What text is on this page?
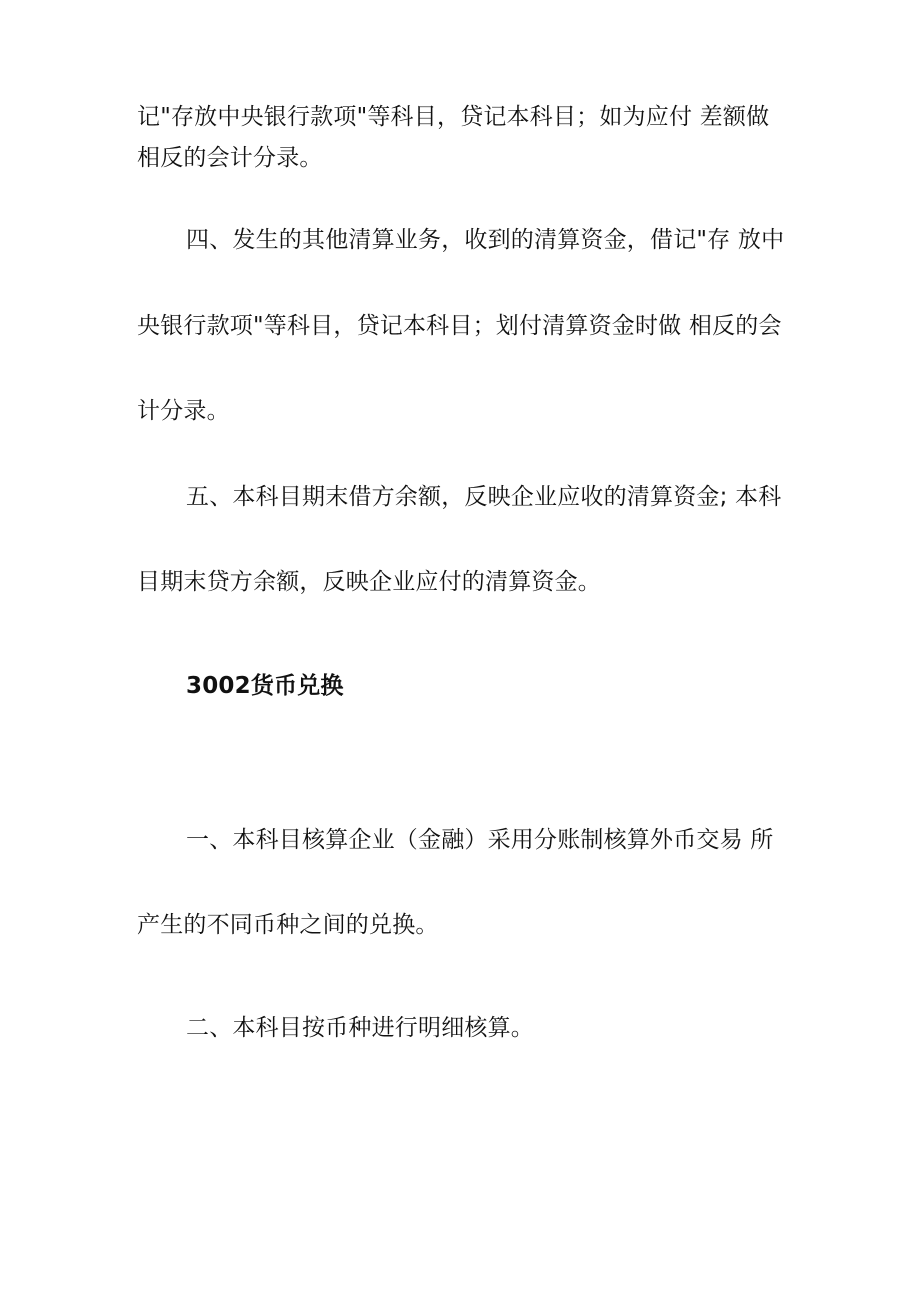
记"存放中央银行款项"等科目，贷记本科目；如为应付 差额做
相反的会计分录。
四、发生的其他清算业务，收到的清算资金，借记"存 放中
央银行款项"等科目，贷记本科目；划付清算资金时做 相反的会
计分录。
五、本科目期末借方余额，反映企业应收的清算资金; 本科
目期末贷方余额，反映企业应付的清算资金。
3002货币兑换
一、本科目核算企业（金融）采用分账制核算外币交易 所
产生的不同币种之间的兑换。
二、本科目按币种进行明细核算。
